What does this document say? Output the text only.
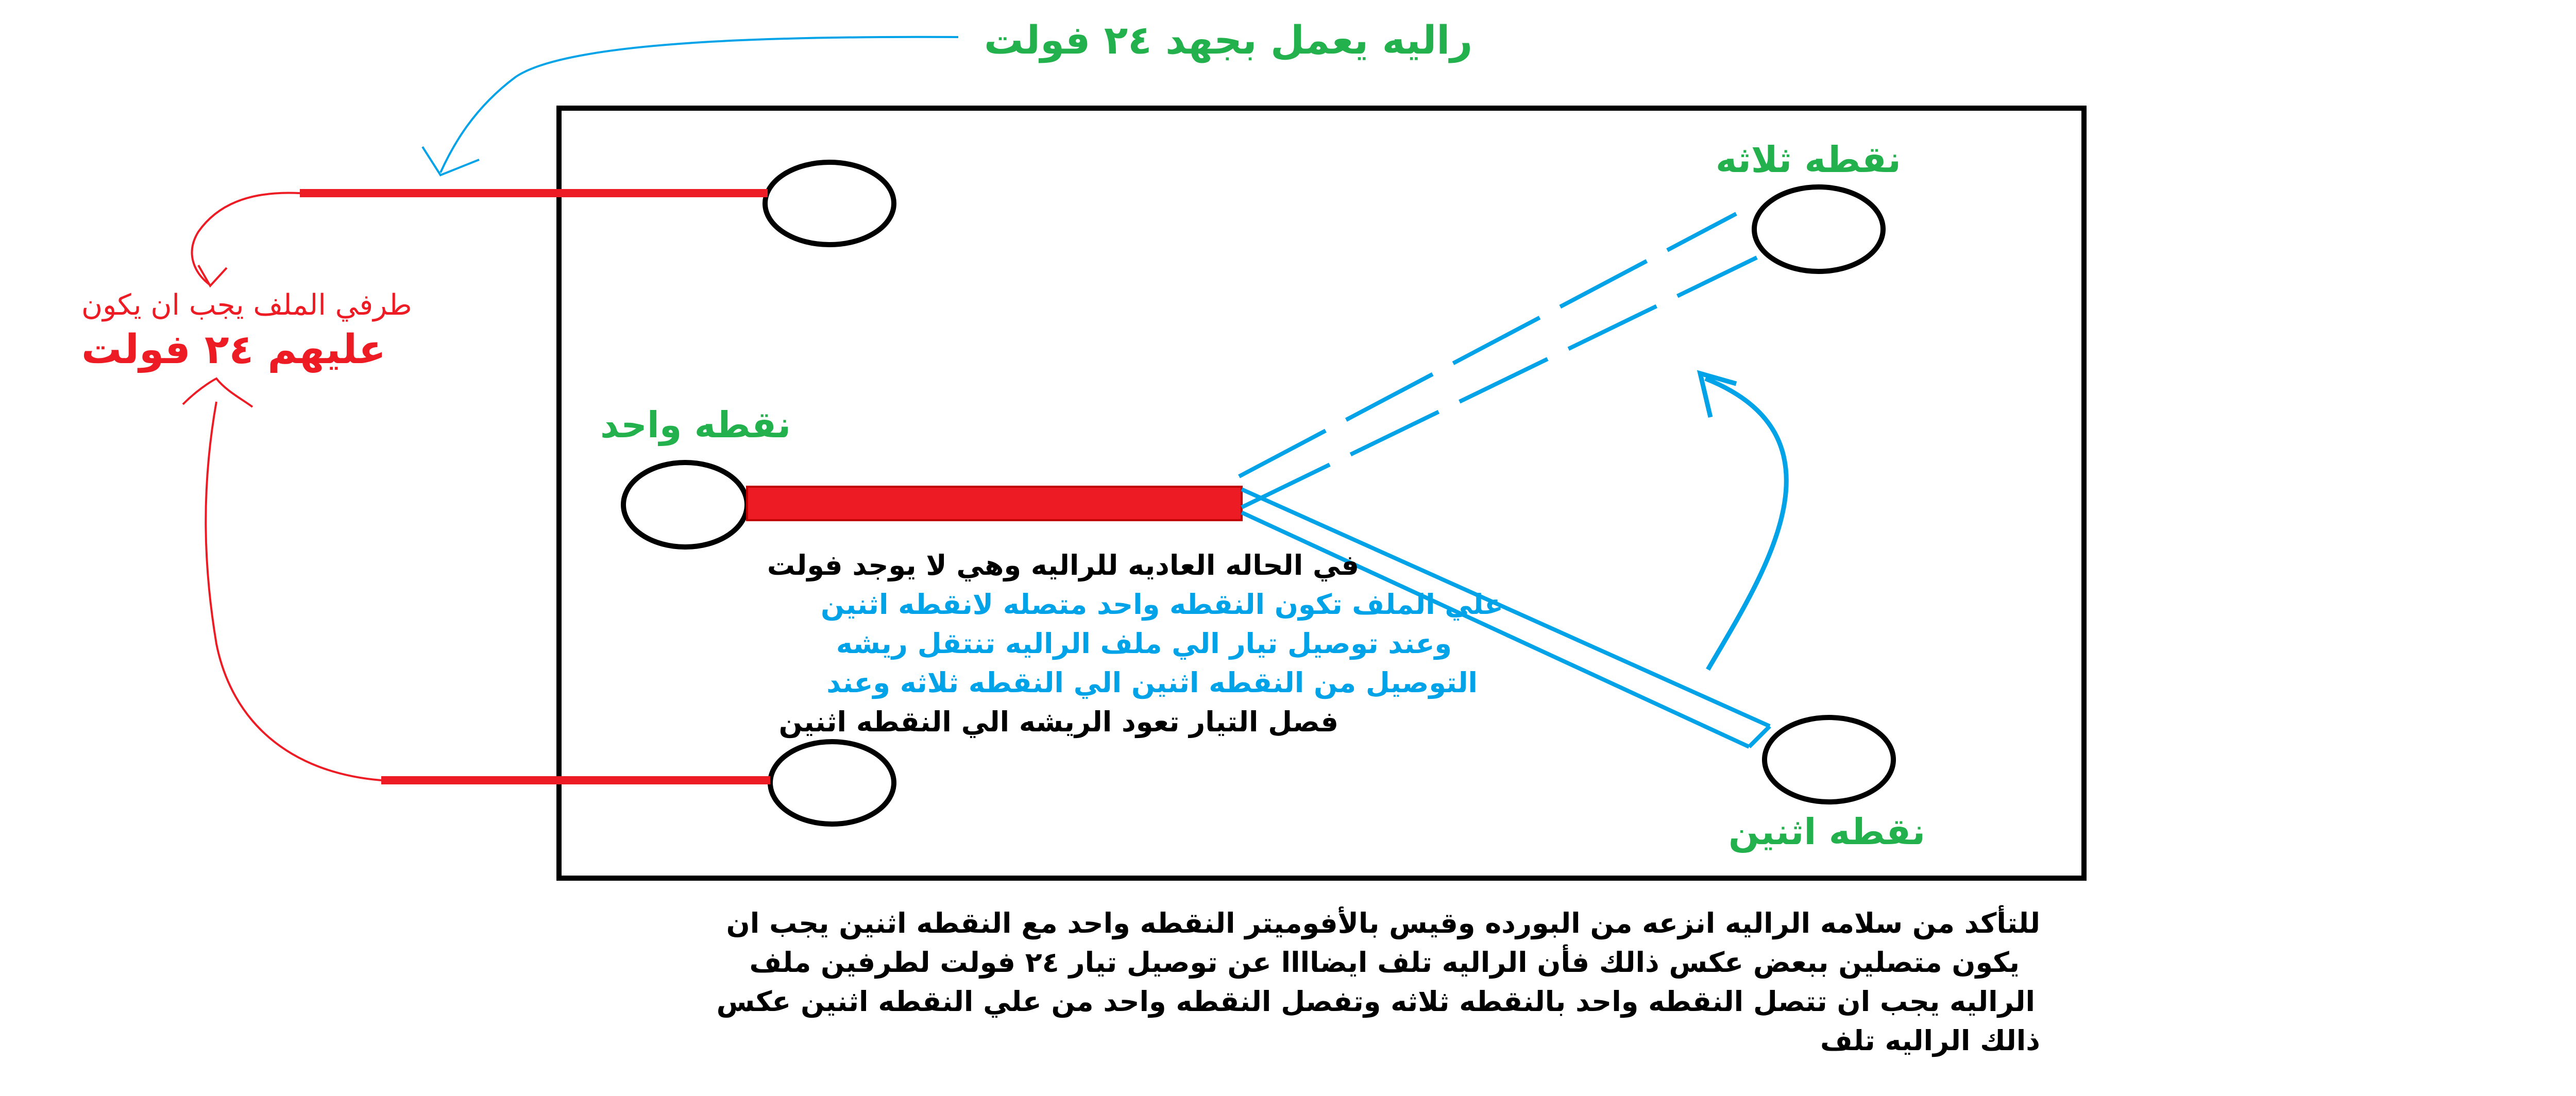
راليه يعمل بجهد ٢٤ فولت
نقطه ثلاثه
نقطه واحد
نقطه اثنين
طرفي الملف يجب ان يكون
عليهم ٢٤ فولت
في الحاله العاديه للراليه وهي لا يوجد فولت
علي الملف تكون النقطه واحد متصله لانقطه اثنين
وعند توصيل تيار الي ملف الراليه تنتقل ريشه
التوصيل من النقطه اثنين الي النقطه ثلاثه وعند
فصل التيار تعود الريشه الي النقطه اثنين
للتأكد من سلامه الراليه انزعه من البورده وقيس بالأفوميتر النقطه واحد مع النقطه اثنين يجب ان
يكون متصلين ببعض عكس ذالك فأن الراليه تلف ايضاااا عن توصيل تيار ٢٤ فولت لطرفين ملف
الراليه يجب ان تتصل النقطه واحد بالنقطه ثلاثه وتفصل النقطه واحد من علي النقطه اثنين عكس
ذالك الراليه تلف
